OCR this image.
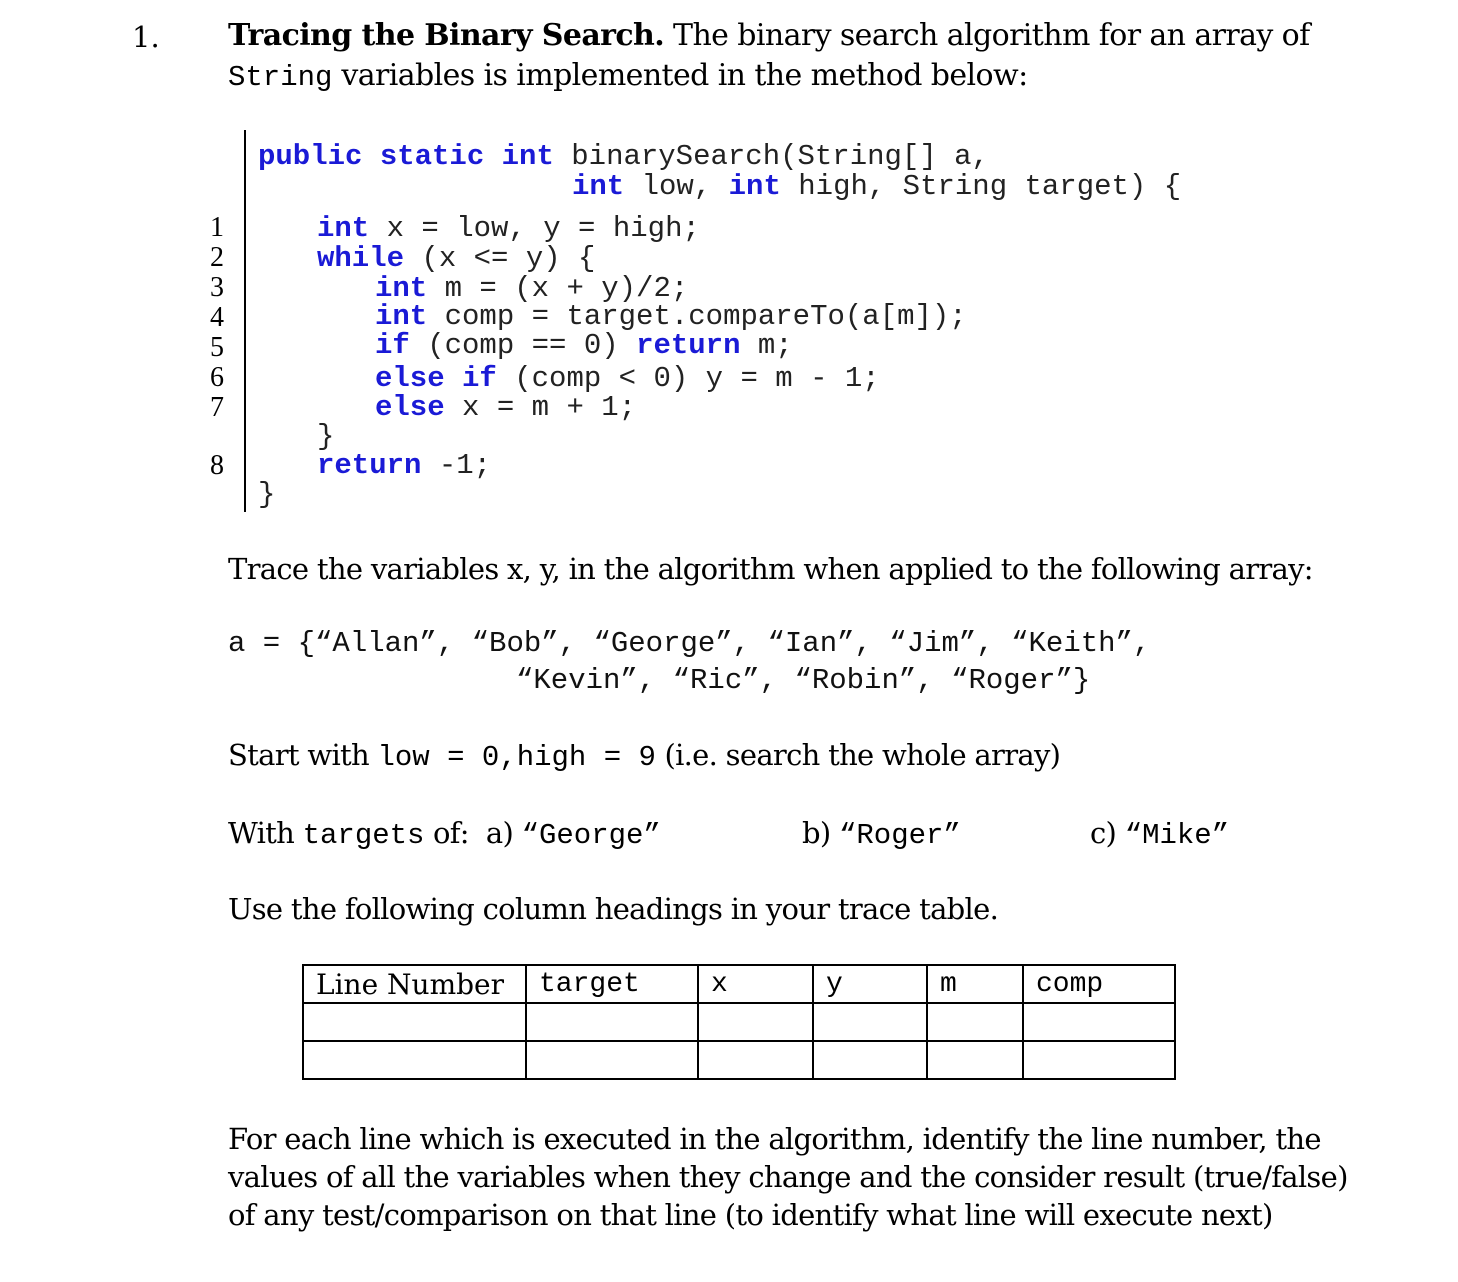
1. Tracing the Binary Search. The binary search algorithm for an array of
String variables is implemented in the method below:
public static int binarySearch(String[] a,
int low, int high, String target) {
1
2
3
4
5
6
7
8
int x = low, y = high;
while (x <= y) {
int m = (x + y)/2;
int comp = target.compareTo(a[m]);
if (comp == 0) return m;
else if (comp < 0) y = m - 1;
else x = m + 1;
}
return -1;
}
Trace the variables x, y, in the algorithm when applied to the following array:
a = {“Allan”, “Bob”, “George”, “Ian”, “Jim”, “Keith”,
“Kevin”, “Ric”, “Robin”, “Roger”}
Start with low = 0,high = 9 (i.e. search the whole array)
With targets of:  a) “George”	b) “Roger”	c) “Mike”
Use the following column headings in your trace table.
Line Number	target	x	y	m	comp

For each line which is executed in the algorithm, identify the line number, the
values of all the variables when they change and the consider result (true/false)
of any test/comparison on that line (to identify what line will execute next)
